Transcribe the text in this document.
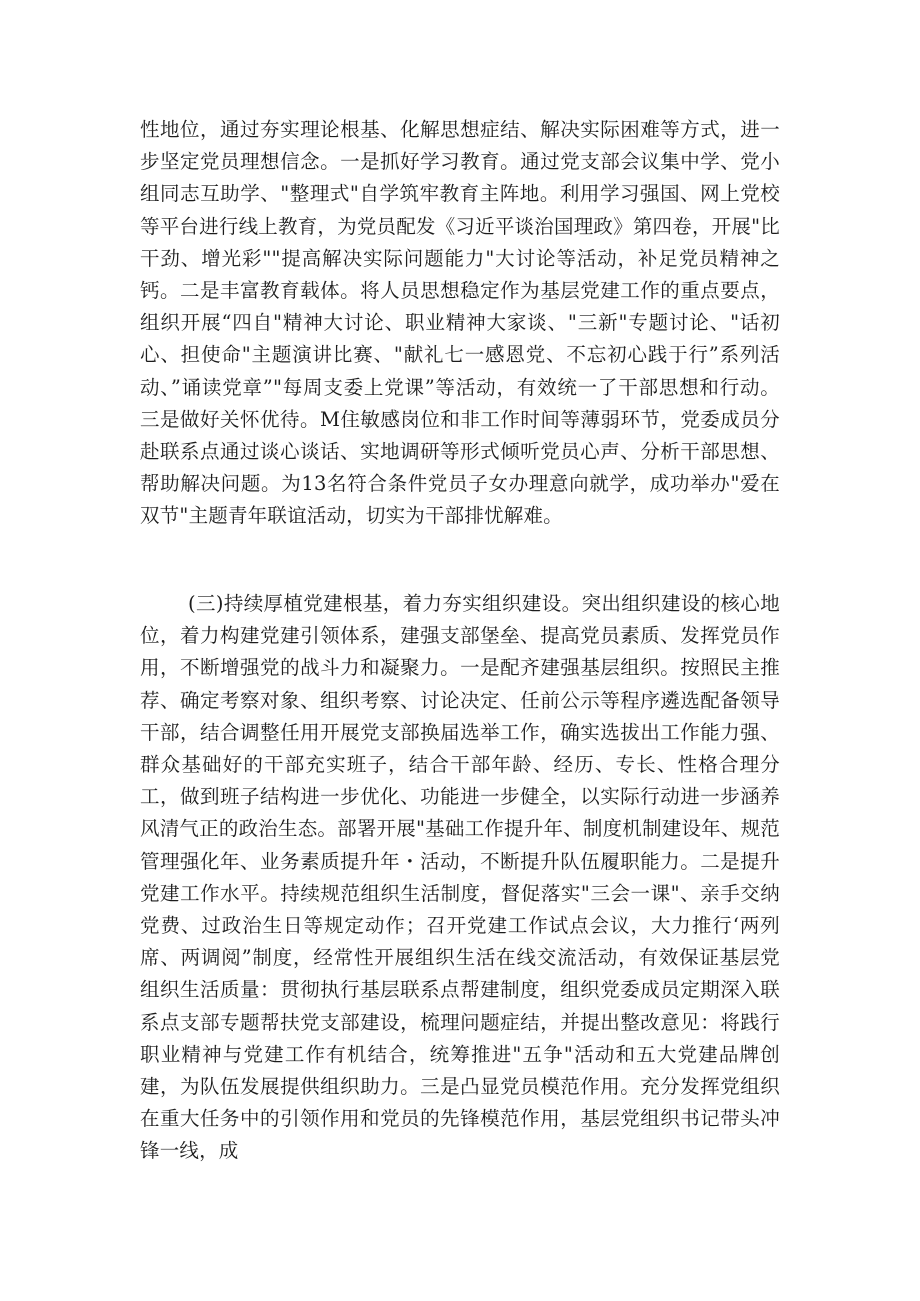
性地位，通过夯实理论根基、化解思想症结、解决实际困难等方式，进一步坚定党员理想信念。一是抓好学习教育。通过党支部会议集中学、党小组同志互助学、"整理式"自学筑牢教育主阵地。利用学习强国、网上党校等平台进行线上教育，为党员配发《习近平谈治国理政》第四卷，开展"比干劲、增光彩""提高解决实际问题能力"大讨论等活动，补足党员精神之钙。二是丰富教育载体。将人员思想稳定作为基层党建工作的重点要点，组织开展“四自"精神大讨论、职业精神大家谈、"三新"专题讨论、"话初心、担使命"主题演讲比赛、"献礼七一感恩党、不忘初心践于行”系列活动、”诵读党章”"每周支委上党课”等活动，有效统一了干部思想和行动。三是做好关怀优待。M住敏感岗位和非工作时间等薄弱环节，党委成员分赴联系点通过谈心谈话、实地调研等形式倾听党员心声、分析干部思想、帮助解决问题。为13名符合条件党员子女办理意向就学，成功举办"爱在双节"主题青年联谊活动，切实为干部排忧解难。

(三)持续厚植党建根基，着力夯实组织建设。突出组织建设的核心地位，着力构建党建引领体系，建强支部堡垒、提高党员素质、发挥党员作用，不断增强党的战斗力和凝聚力。一是配齐建强基层组织。按照民主推荐、确定考察对象、组织考察、讨论决定、任前公示等程序遴选配备领导干部，结合调整任用开展党支部换届选举工作，确实选拔出工作能力强、群众基础好的干部充实班子，结合干部年龄、经历、专长、性格合理分工，做到班子结构进一步优化、功能进一步健全，以实际行动进一步涵养风清气正的政治生态。部署开展"基础工作提升年、制度机制建设年、规范管理强化年、业务素质提升年・活动，不断提升队伍履职能力。二是提升党建工作水平。持续规范组织生活制度，督促落实"三会一课"、亲手交纳党费、过政治生日等规定动作；召开党建工作试点会议，大力推行‘两列席、两调阅”制度，经常性开展组织生活在线交流活动，有效保证基层党组织生活质量：贯彻执行基层联系点帮建制度，组织党委成员定期深入联系点支部专题帮扶党支部建设，梳理问题症结，并提出整改意见：将践行职业精神与党建工作有机结合，统筹推进"五争"活动和五大党建品牌创建，为队伍发展提供组织助力。三是凸显党员模范作用。充分发挥党组织在重大任务中的引领作用和党员的先锋模范作用，基层党组织书记带头冲锋一线，成
